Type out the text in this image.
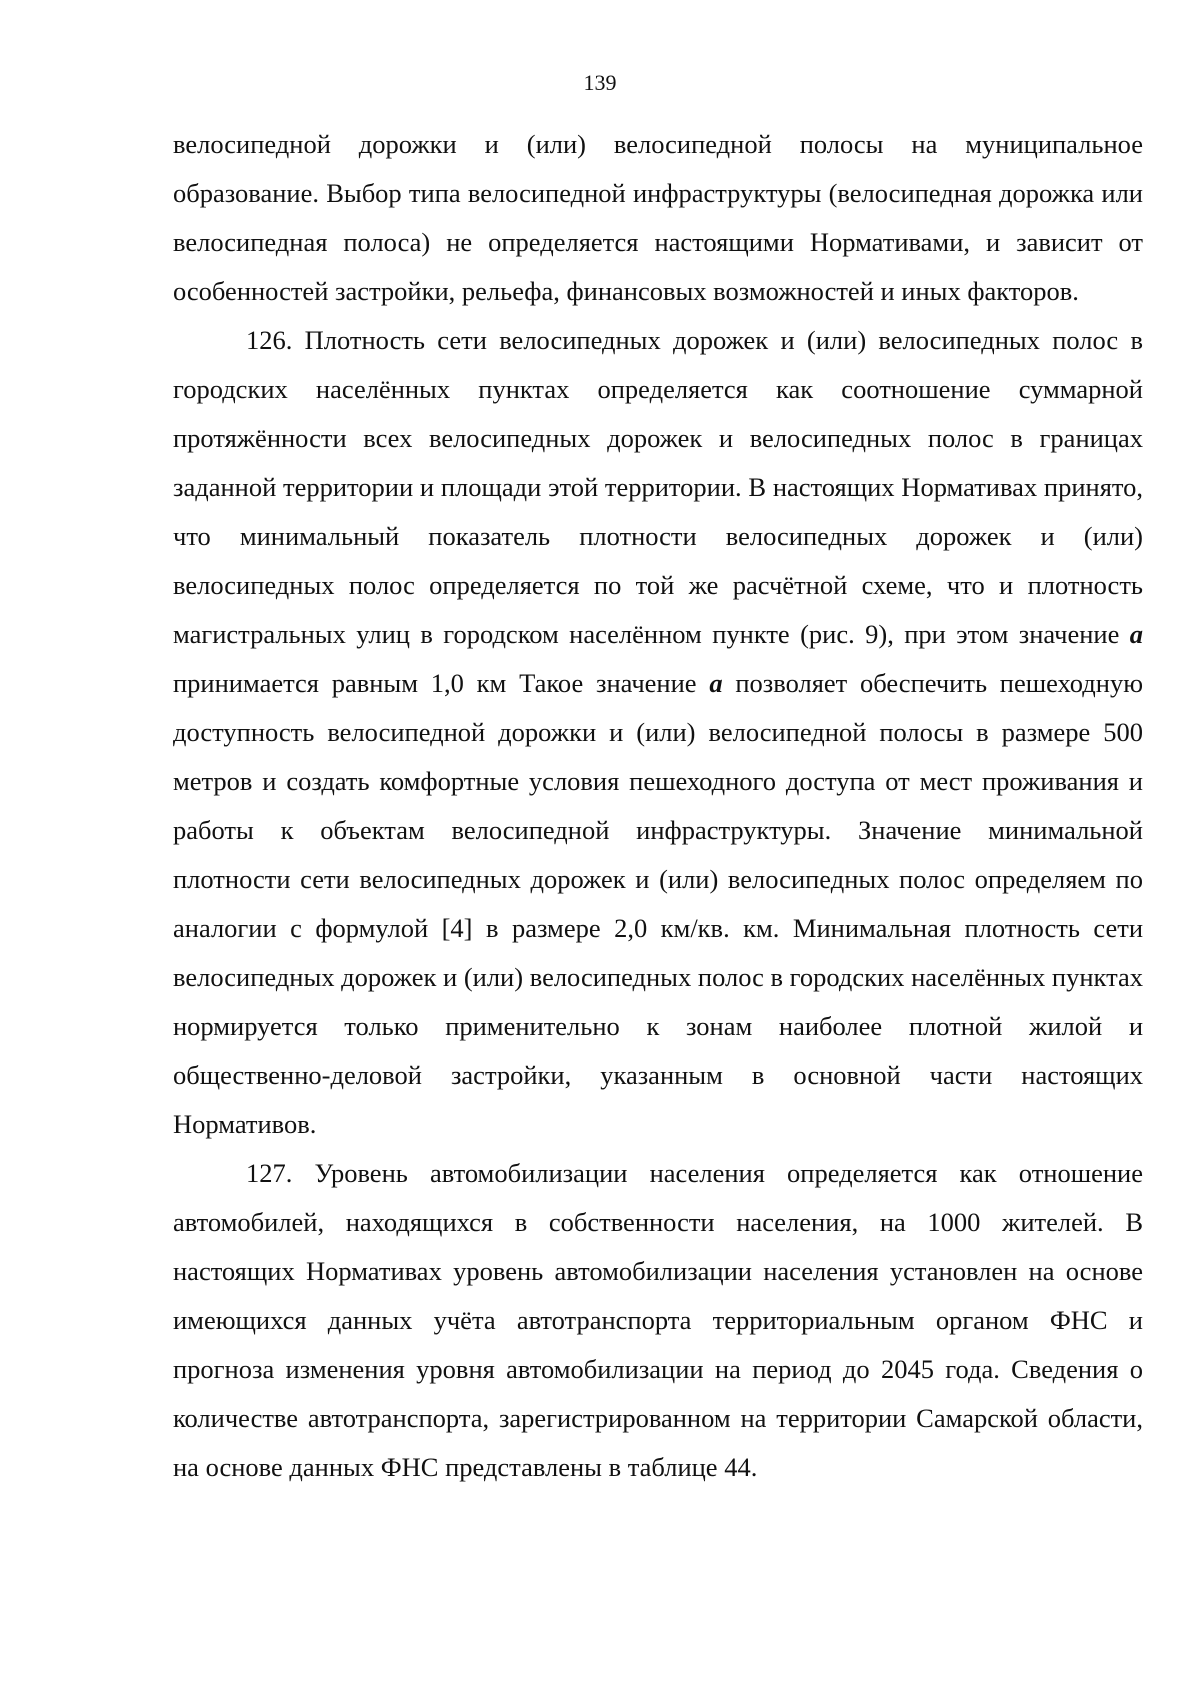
139

велосипедной дорожки и (или) велосипедной полосы на муниципальное образование. Выбор типа велосипедной инфраструктуры (велосипедная дорожка или велосипедная полоса) не определяется настоящими Нормативами, и зависит от особенностей застройки, рельефа, финансовых возможностей и иных факторов.

126. Плотность сети велосипедных дорожек и (или) велосипедных полос в городских населённых пунктах определяется как соотношение суммарной протяжённости всех велосипедных дорожек и велосипедных полос в границах заданной территории и площади этой территории. В настоящих Нормативах принято, что минимальный показатель плотности велосипедных дорожек и (или) велосипедных полос определяется по той же расчётной схеме, что и плотность магистральных улиц в городском населённом пункте (рис. 9), при этом значение a принимается равным 1,0 км Такое значение a позволяет обеспечить пешеходную доступность велосипедной дорожки и (или) велосипедной полосы в размере 500 метров и создать комфортные условия пешеходного доступа от мест проживания и работы к объектам велосипедной инфраструктуры. Значение минимальной плотности сети велосипедных дорожек и (или) велосипедных полос определяем по аналогии с формулой [4] в размере 2,0 км/кв. км. Минимальная плотность сети велосипедных дорожек и (или) велосипедных полос в городских населённых пунктах нормируется только применительно к зонам наиболее плотной жилой и общественно-деловой застройки, указанным в основной части настоящих Нормативов.

127. Уровень автомобилизации населения определяется как отношение автомобилей, находящихся в собственности населения, на 1000 жителей. В настоящих Нормативах уровень автомобилизации населения установлен на основе имеющихся данных учёта автотранспорта территориальным органом ФНС и прогноза изменения уровня автомобилизации на период до 2045 года. Сведения о количестве автотранспорта, зарегистрированном на территории Самарской области, на основе данных ФНС представлены в таблице 44.
